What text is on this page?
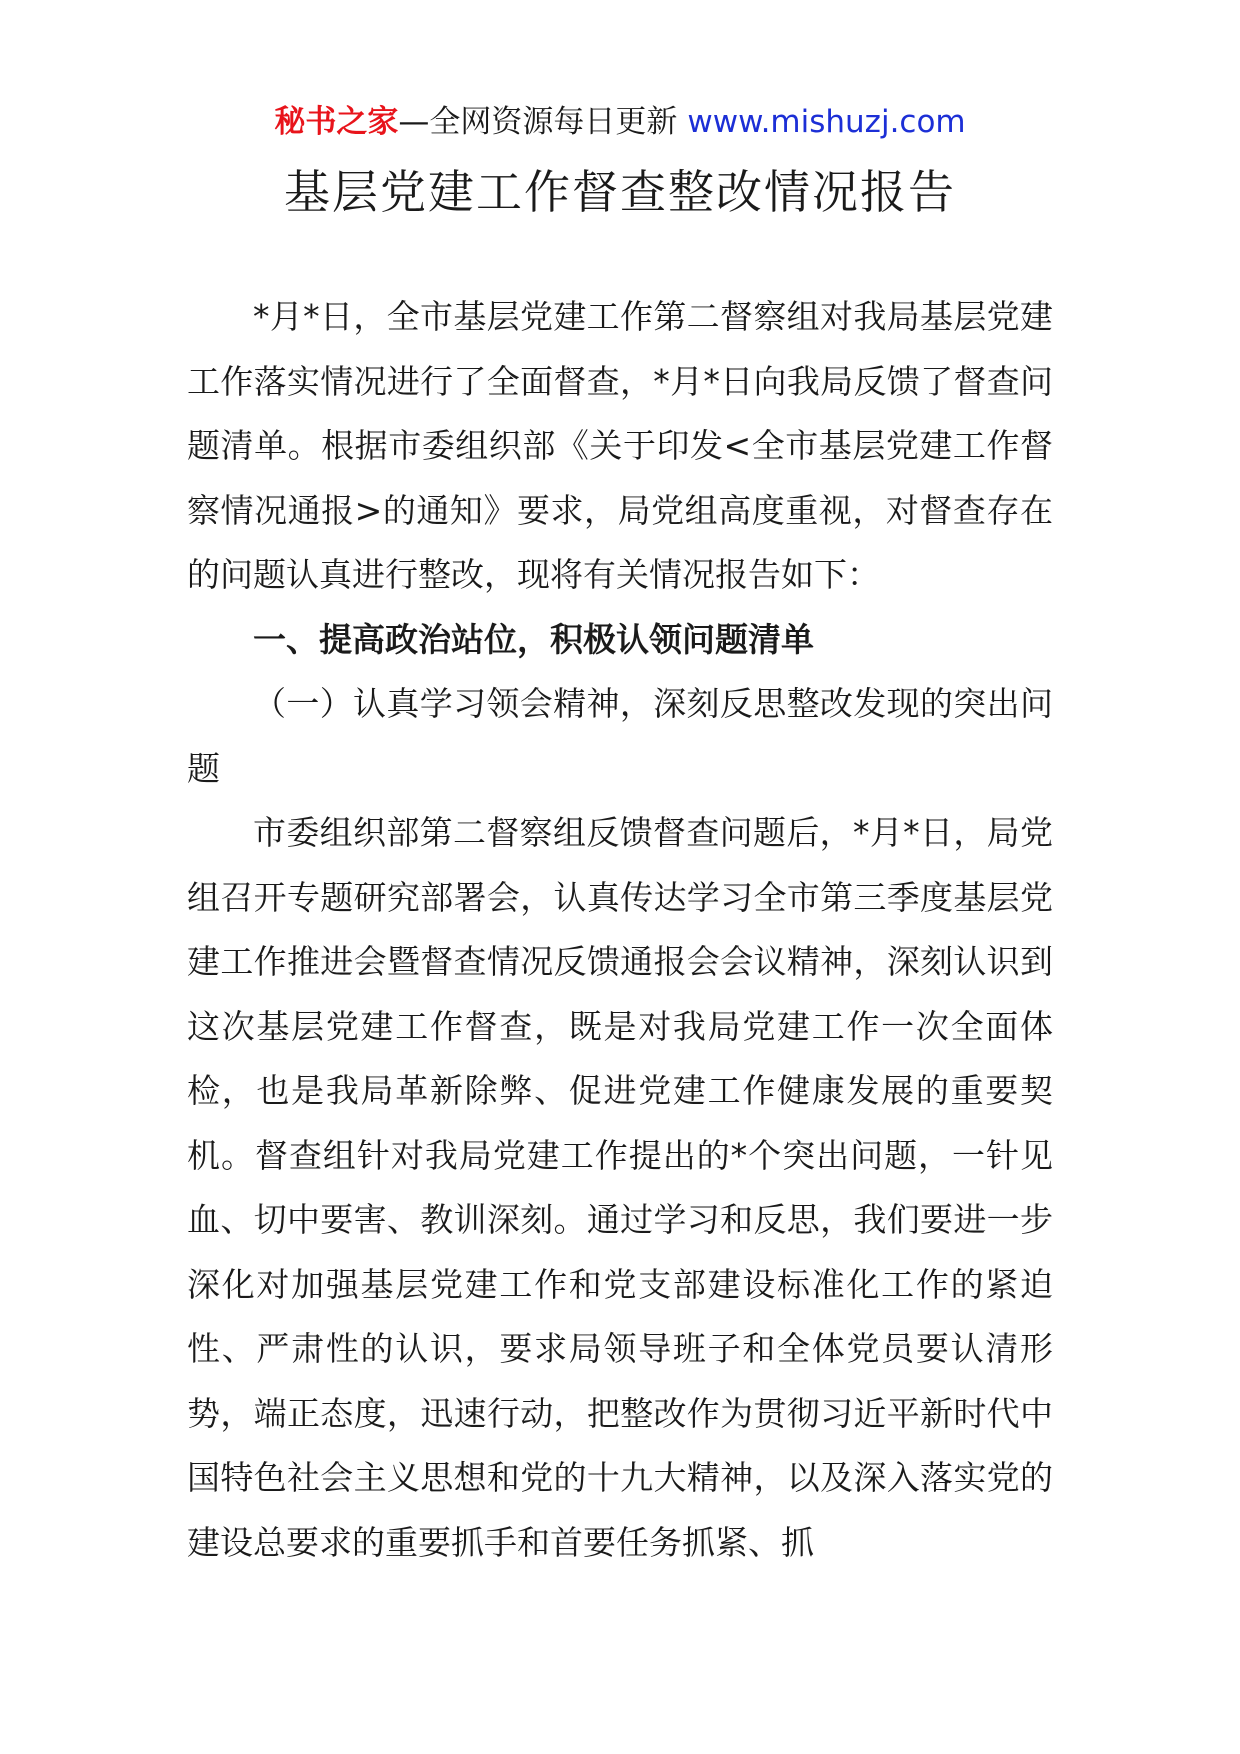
秘书之家—全网资源每日更新 www.mishuzj.com
基层党建工作督查整改情况报告

*月*日，全市基层党建工作第二督察组对我局基层党建工作落实情况进行了全面督查，*月*日向我局反馈了督查问题清单。根据市委组织部《关于印发<全市基层党建工作督察情况通报>的通知》要求，局党组高度重视，对督查存在的问题认真进行整改，现将有关情况报告如下：

一、提高政治站位，积极认领问题清单

（一）认真学习领会精神，深刻反思整改发现的突出问题

市委组织部第二督察组反馈督查问题后，*月*日，局党组召开专题研究部署会，认真传达学习全市第三季度基层党建工作推进会暨督查情况反馈通报会会议精神，深刻认识到这次基层党建工作督查，既是对我局党建工作一次全面体检，也是我局革新除弊、促进党建工作健康发展的重要契机。督查组针对我局党建工作提出的*个突出问题，一针见血、切中要害、教训深刻。通过学习和反思，我们要进一步深化对加强基层党建工作和党支部建设标准化工作的紧迫性、严肃性的认识，要求局领导班子和全体党员要认清形势，端正态度，迅速行动，把整改作为贯彻习近平新时代中国特色社会主义思想和党的十九大精神，以及深入落实党的建设总要求的重要抓手和首要任务抓紧、抓
